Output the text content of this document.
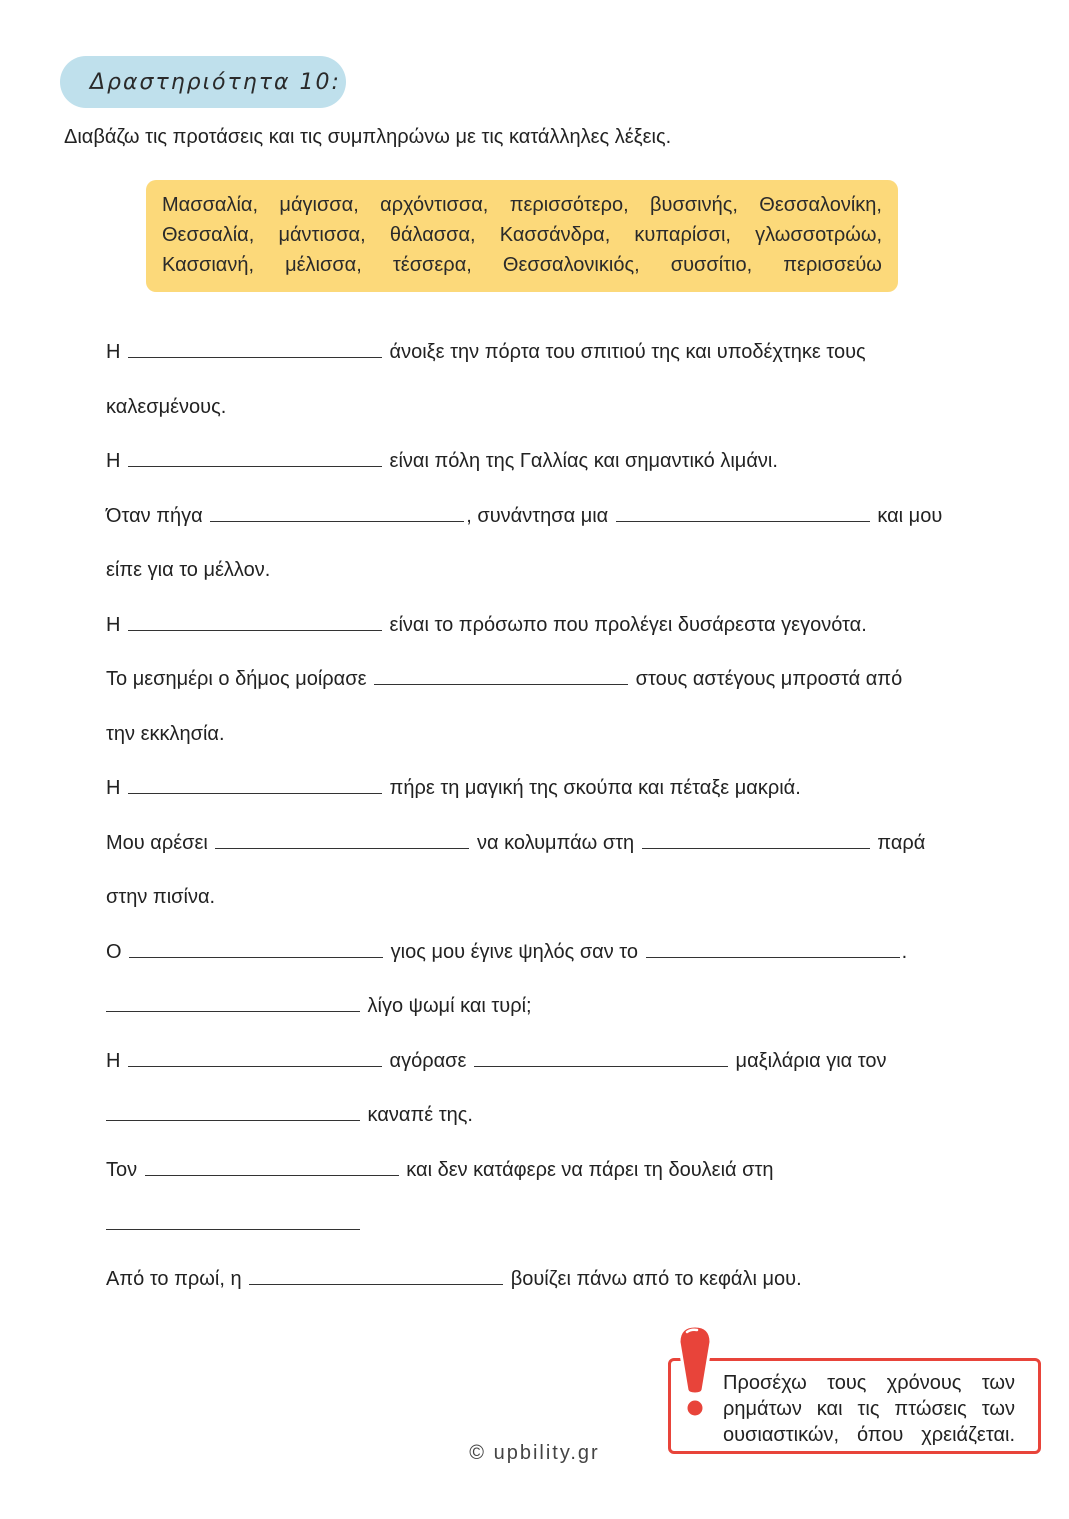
Δραστηριότητα 10:
Διαβάζω τις προτάσεις και τις συμπληρώνω με τις κατάλληλες λέξεις.
Μασσαλία, μάγισσα, αρχόντισσα, περισσότερο, βυσσινής, Θεσσαλονίκη,
Θεσσαλία, μάντισσα, θάλασσα, Κασσάνδρα, κυπαρίσσι, γλωσσοτρώω,
Κασσιανή, μέλισσα, τέσσερα, Θεσσαλονικιός, συσσίτιο, περισσεύω
Η	άνοιξε την πόρτα του σπιτιού της και υποδέχτηκε τους
καλεσμένους.
Η	είναι πόλη της Γαλλίας και σημαντικό λιμάνι.
Όταν πήγα	, συνάντησα μια	και μου
είπε για το μέλλον.
Η	είναι το πρόσωπο που προλέγει δυσάρεστα γεγονότα.
Το μεσημέρι ο δήμος μοίρασε	στους αστέγους μπροστά από
την εκκλησία.
Η	πήρε τη μαγική της σκούπα και πέταξε μακριά.
Μου αρέσει	να κολυμπάω στη	παρά
στην πισίνα.
Ο	γιος μου έγινε ψηλός σαν το	.
λίγο ψωμί και τυρί;
Η	αγόρασε	μαξιλάρια για τον
καναπέ της.
Τον	και δεν κατάφερε να πάρει τη δουλειά στη
Από το πρωί, η	βουίζει πάνω από το κεφάλι μου.
Προσέχω τους χρόνους των
ρημάτων και τις πτώσεις των
ουσιαστικών, όπου χρειάζεται.
© upbility.gr
